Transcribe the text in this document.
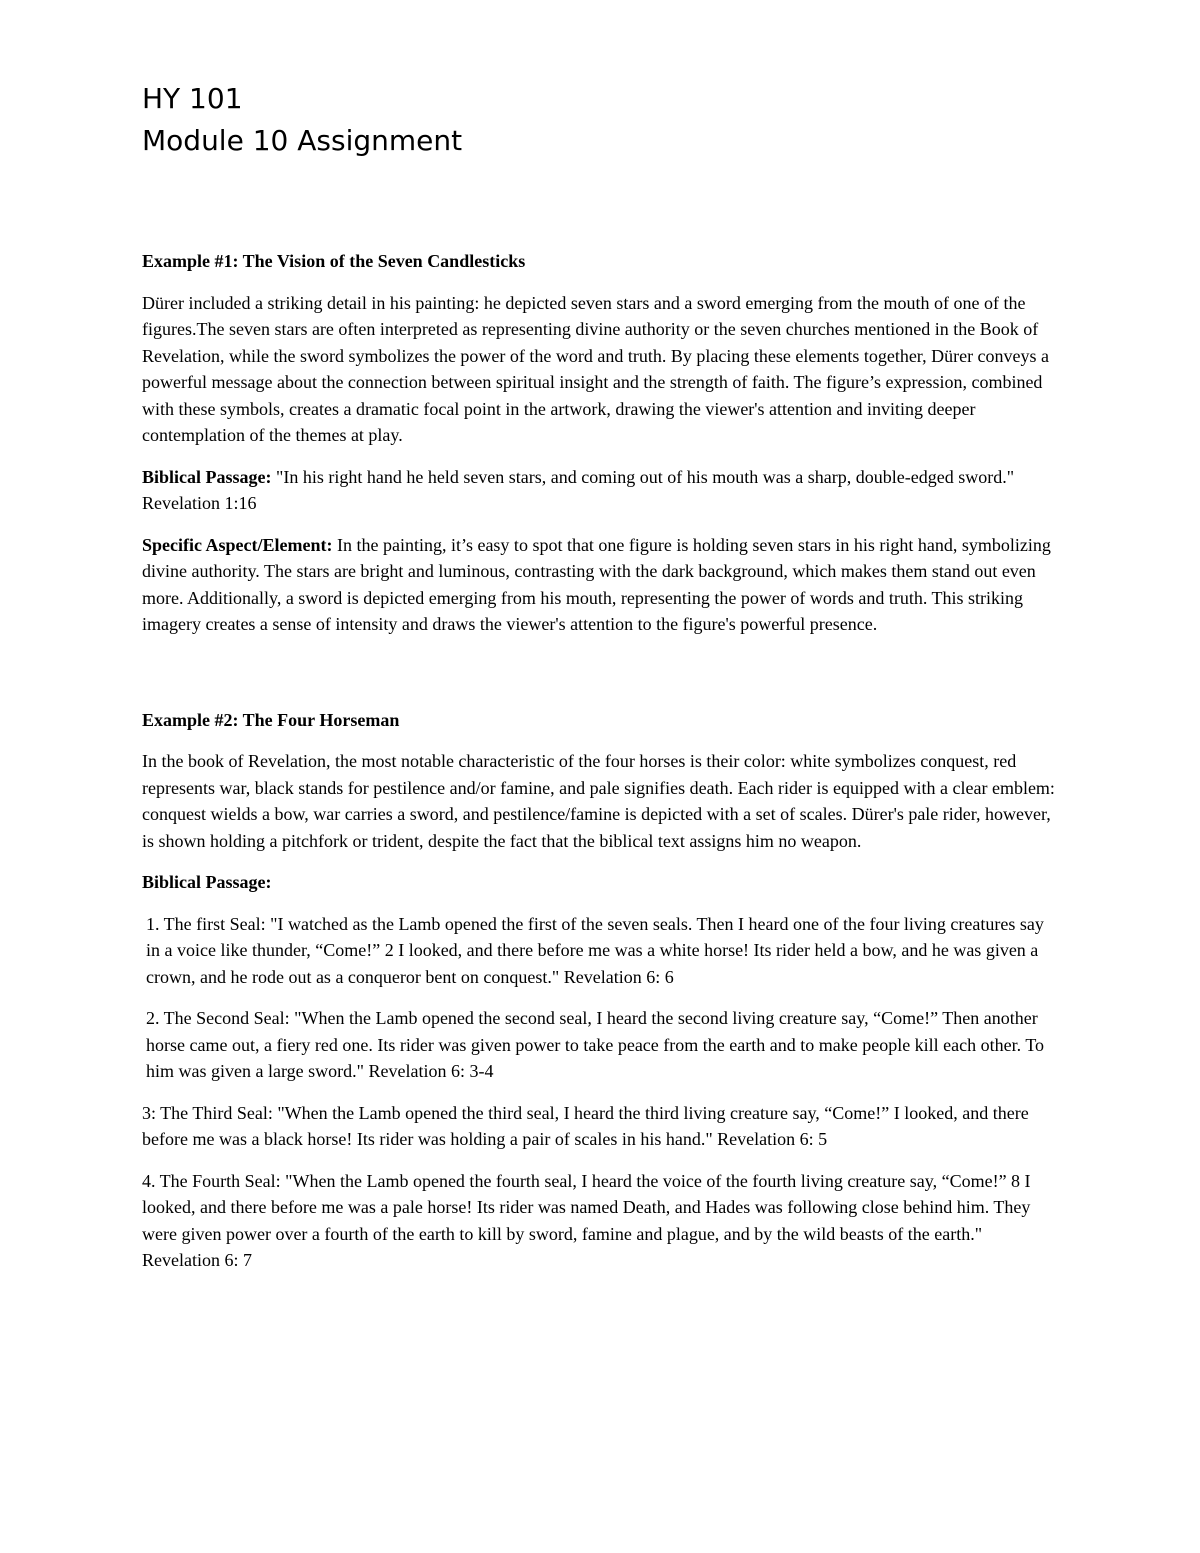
HY 101
Module 10 Assignment

Example #1: The Vision of the Seven Candlesticks

Dürer included a striking detail in his painting: he depicted seven stars and a sword emerging from the mouth of one of the figures.The seven stars are often interpreted as representing divine authority or the seven churches mentioned in the Book of Revelation, while the sword symbolizes the power of the word and truth. By placing these elements together, Dürer conveys a powerful message about the connection between spiritual insight and the strength of faith. The figure’s expression, combined with these symbols, creates a dramatic focal point in the artwork, drawing the viewer's attention and inviting deeper contemplation of the themes at play.

Biblical Passage: "In his right hand he held seven stars, and coming out of his mouth was a sharp, double-edged sword." Revelation 1:16

Specific Aspect/Element: In the painting, it’s easy to spot that one figure is holding seven stars in his right hand, symbolizing divine authority. The stars are bright and luminous, contrasting with the dark background, which makes them stand out even more. Additionally, a sword is depicted emerging from his mouth, representing the power of words and truth. This striking imagery creates a sense of intensity and draws the viewer's attention to the figure's powerful presence.

Example #2: The Four Horseman

In the book of Revelation, the most notable characteristic of the four horses is their color: white symbolizes conquest, red represents war, black stands for pestilence and/or famine, and pale signifies death. Each rider is equipped with a clear emblem: conquest wields a bow, war carries a sword, and pestilence/famine is depicted with a set of scales. Dürer's pale rider, however, is shown holding a pitchfork or trident, despite the fact that the biblical text assigns him no weapon.

Biblical Passage:

1. The first Seal: "I watched as the Lamb opened the first of the seven seals. Then I heard one of the four living creatures say in a voice like thunder, “Come!” 2 I looked, and there before me was a white horse! Its rider held a bow, and he was given a crown, and he rode out as a conqueror bent on conquest." Revelation 6: 6

2. The Second Seal: "When the Lamb opened the second seal, I heard the second living creature say, “Come!” Then another horse came out, a fiery red one. Its rider was given power to take peace from the earth and to make people kill each other. To him was given a large sword." Revelation 6: 3-4

3: The Third Seal: "When the Lamb opened the third seal, I heard the third living creature say, “Come!” I looked, and there before me was a black horse! Its rider was holding a pair of scales in his hand." Revelation 6: 5

4. The Fourth Seal: "When the Lamb opened the fourth seal, I heard the voice of the fourth living creature say, “Come!” 8 I looked, and there before me was a pale horse! Its rider was named Death, and Hades was following close behind him. They were given power over a fourth of the earth to kill by sword, famine and plague, and by the wild beasts of the earth." Revelation 6: 7
